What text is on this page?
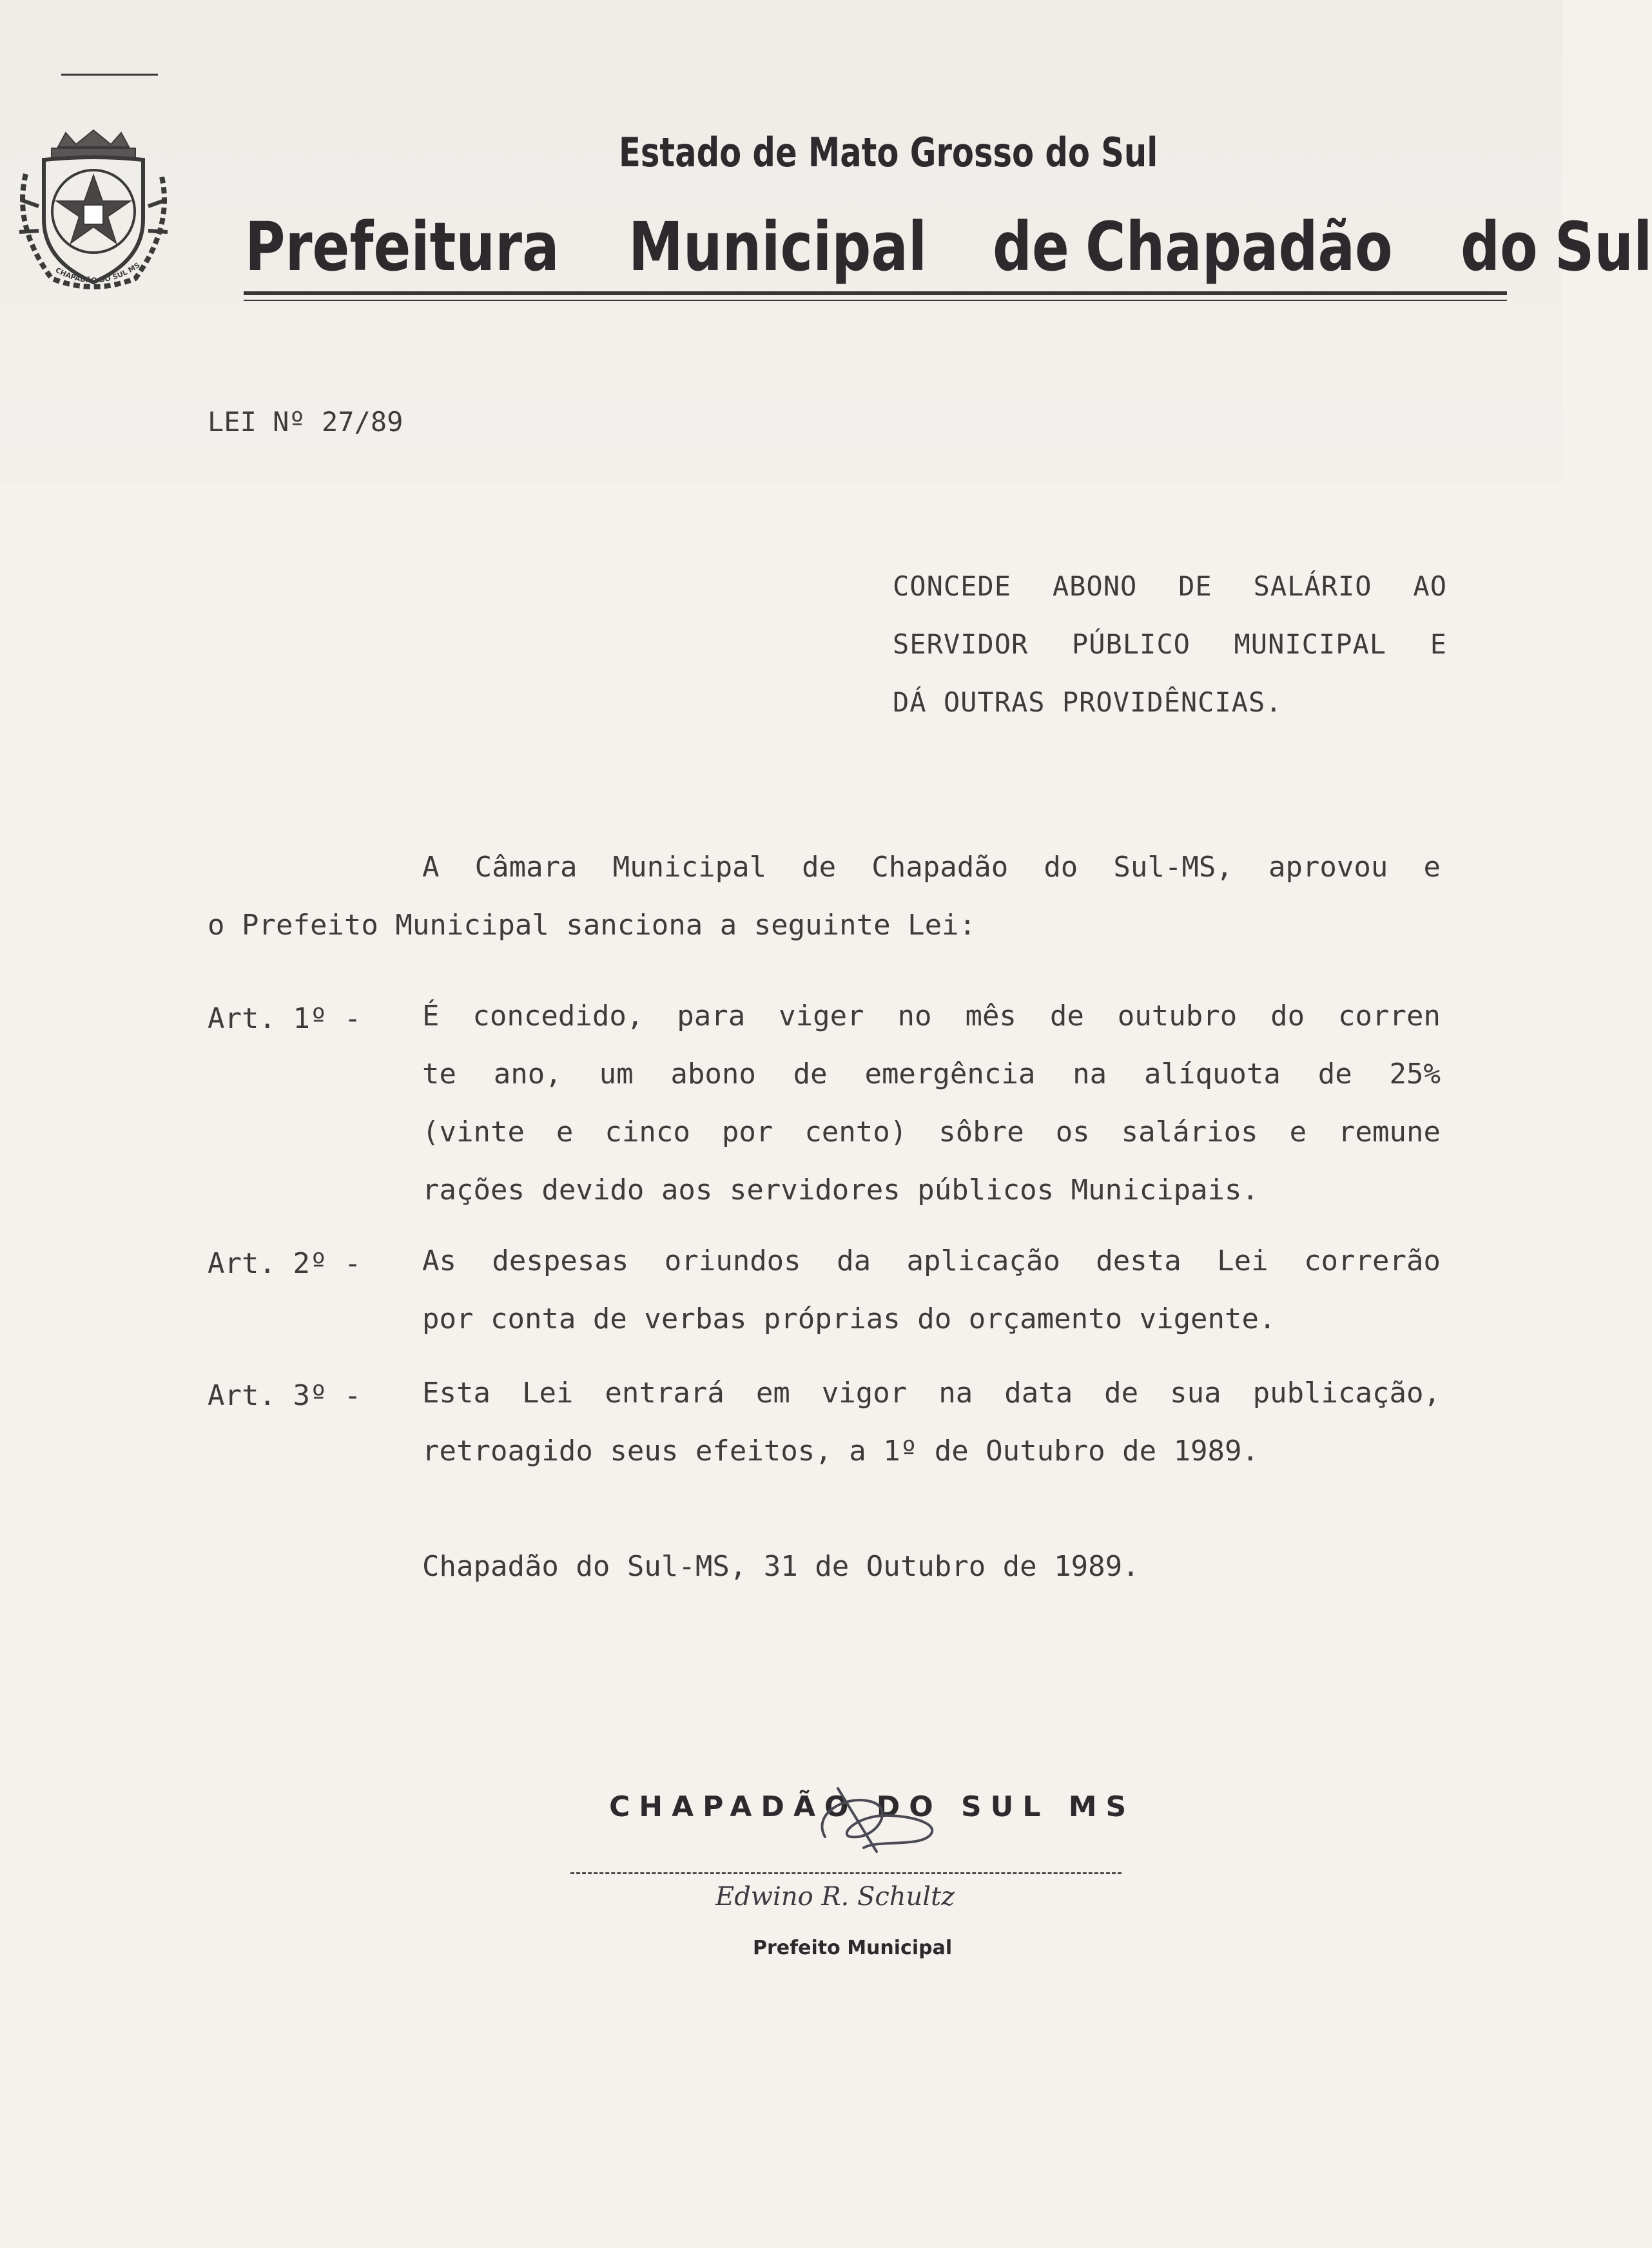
CHAPADÃO DO SUL MS
Estado de Mato Grosso do Sul
Prefeitura Municipal de Chapadão do Sul
LEI Nº 27/89
CONCEDE ABONO DE SALÁRIO AO
SERVIDOR PÚBLICO MUNICIPAL E
DÁ OUTRAS PROVIDÊNCIAS.
A Câmara Municipal de Chapadão do Sul-MS, aprovou e
o Prefeito Municipal sanciona a seguinte Lei:
Art. 1º - É concedido, para viger no mês de outubro do corren
te ano, um abono de emergência na alíquota de 25%
(vinte e cinco por cento) sôbre os salários e remune
rações devido aos servidores públicos Municipais.
Art. 2º - As despesas oriundos da aplicação desta Lei correrão
por conta de verbas próprias do orçamento vigente.
Art. 3º - Esta Lei entrará em vigor na data de sua publicação,
retroagido seus efeitos, a 1º de Outubro de 1989.
Chapadão do Sul-MS, 31 de Outubro de 1989.
CHAPADÃO DO SUL MS
Edwino R. Schultz
Prefeito Municipal
